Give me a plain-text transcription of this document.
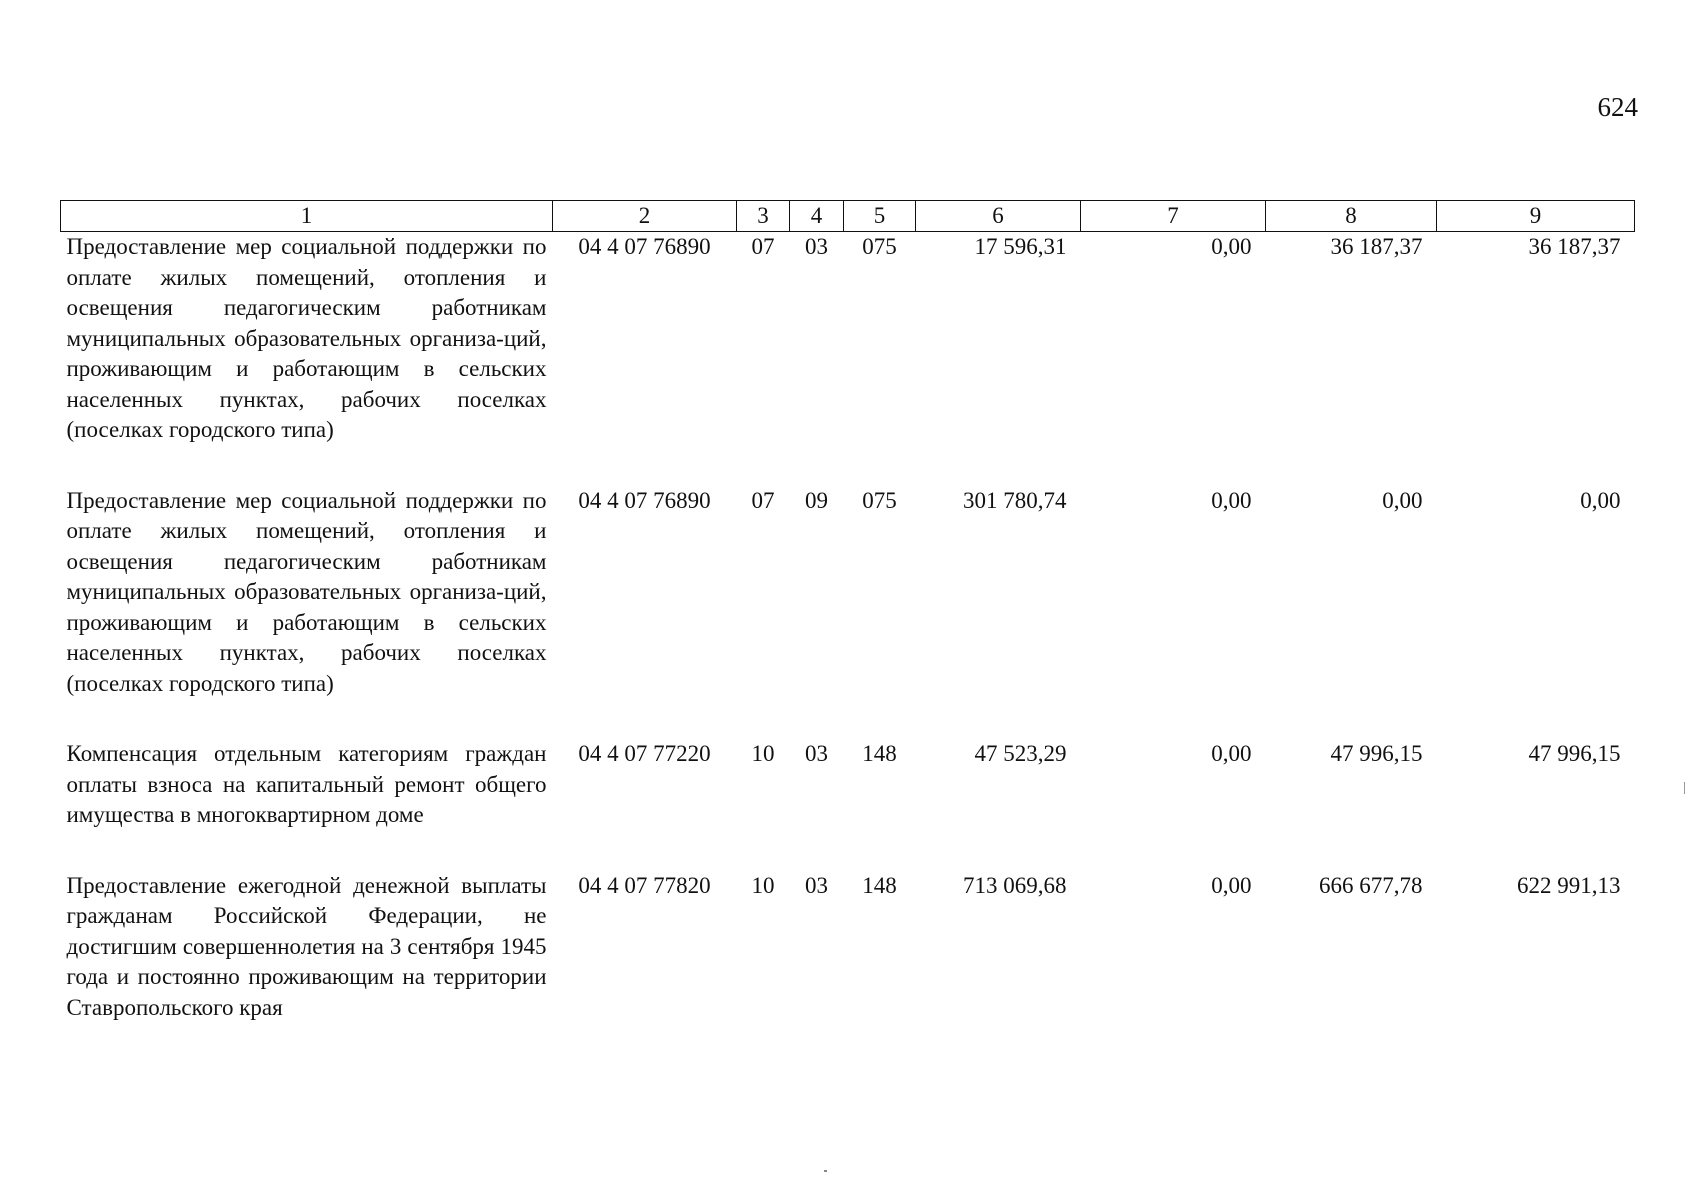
624
1	2	3	4	5	6	7	8	9
Предоставление мер социальной поддержки по оплате жилых помещений, отопления и освещения педагогическим работникам муниципальных образовательных организа-ций, проживающим и работающим в сельских населенных пунктах, рабочих поселках (поселках городского типа)	04 4 07 76890	07	03	075	17 596,31	0,00	36 187,37	36 187,37

Предоставление мер социальной поддержки по оплате жилых помещений, отопления и освещения педагогическим работникам муниципальных образовательных организа-ций, проживающим и работающим в сельских населенных пунктах, рабочих поселках (поселках городского типа)	04 4 07 76890	07	09	075	301 780,74	0,00	0,00	0,00

Компенсация отдельным категориям граждан оплаты взноса на капитальный ремонт общего имущества в многоквартирном доме	04 4 07 77220	10	03	148	47 523,29	0,00	47 996,15	47 996,15

Предоставление ежегодной денежной выплаты гражданам Российской Федерации, не достигшим совершеннолетия на 3 сентября 1945 года и постоянно проживающим на территории Ставропольского края	04 4 07 77820	10	03	148	713 069,68	0,00	666 677,78	622 991,13
